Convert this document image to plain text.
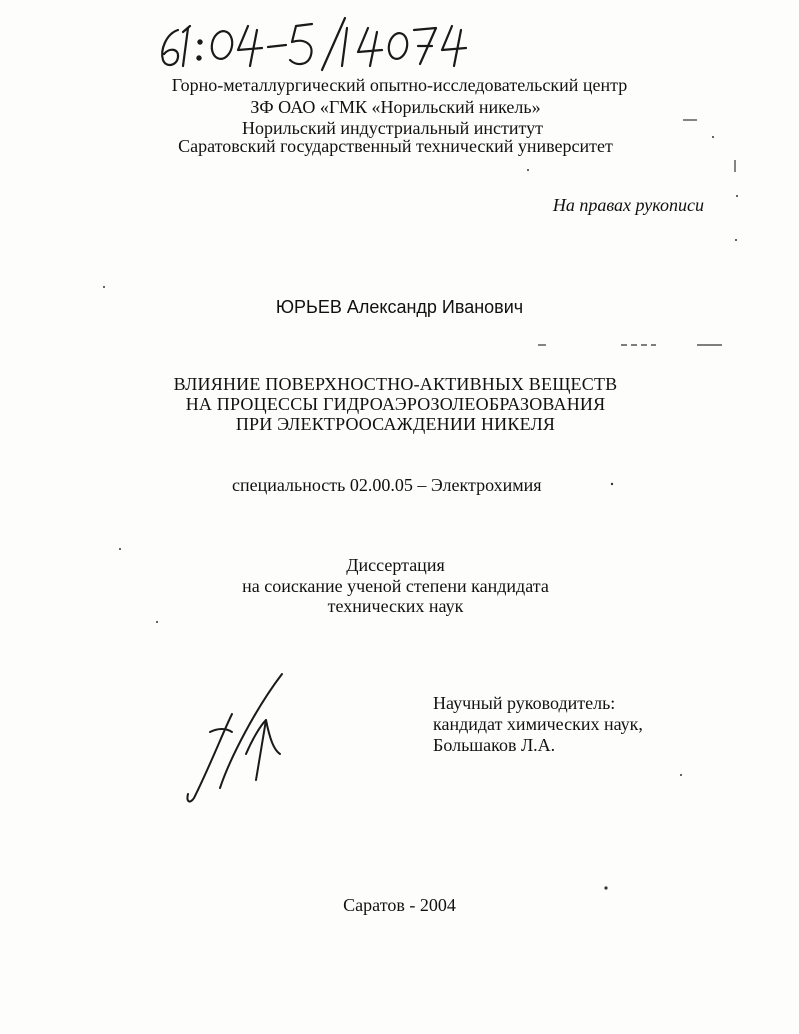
Горно-металлургический опытно-исследовательский центр
ЗФ ОАО «ГМК «Норильский никель»
Норильский индустриальный институт
Саратовский государственный технический университет
На правах рукописи
ЮРЬЕВ Александр Иванович
ВЛИЯНИЕ ПОВЕРХНОСТНО-АКТИВНЫХ ВЕЩЕСТВ
НА ПРОЦЕССЫ ГИДРОАЭРОЗОЛЕОБРАЗОВАНИЯ
ПРИ ЭЛЕКТРООСАЖДЕНИИ НИКЕЛЯ
специальность 02.00.05 – Электрохимия
Диссертация
на соискание ученой степени кандидата
технических наук
Научный руководитель:
кандидат химических наук,
Большаков Л.А.
Саратов - 2004
